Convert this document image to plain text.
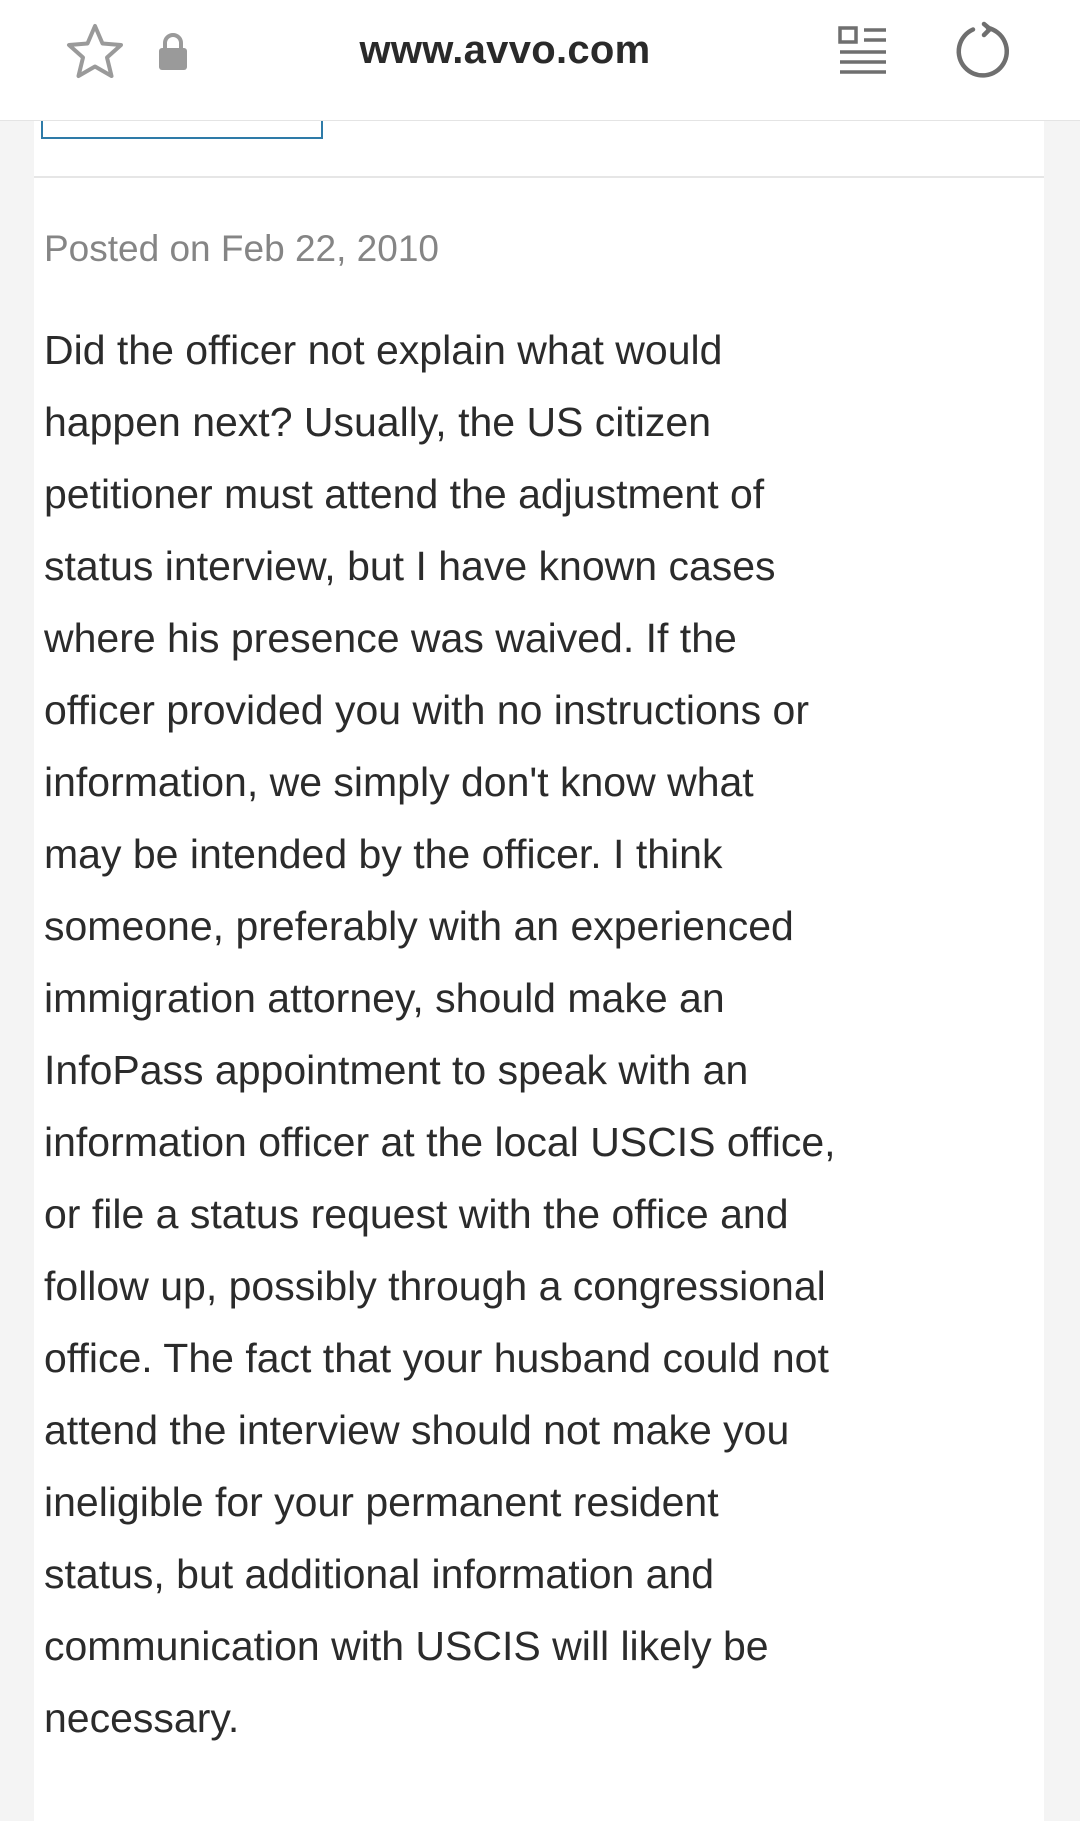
www.avvo.com

Posted on Feb 22, 2010

Did the officer not explain what would
happen next? Usually, the US citizen
petitioner must attend the adjustment of
status interview, but I have known cases
where his presence was waived. If the
officer provided you with no instructions or
information, we simply don't know what
may be intended by the officer. I think
someone, preferably with an experienced
immigration attorney, should make an
InfoPass appointment to speak with an
information officer at the local USCIS office,
or file a status request with the office and
follow up, possibly through a congressional
office. The fact that your husband could not
attend the interview should not make you
ineligible for your permanent resident
status, but additional information and
communication with USCIS will likely be
necessary.
